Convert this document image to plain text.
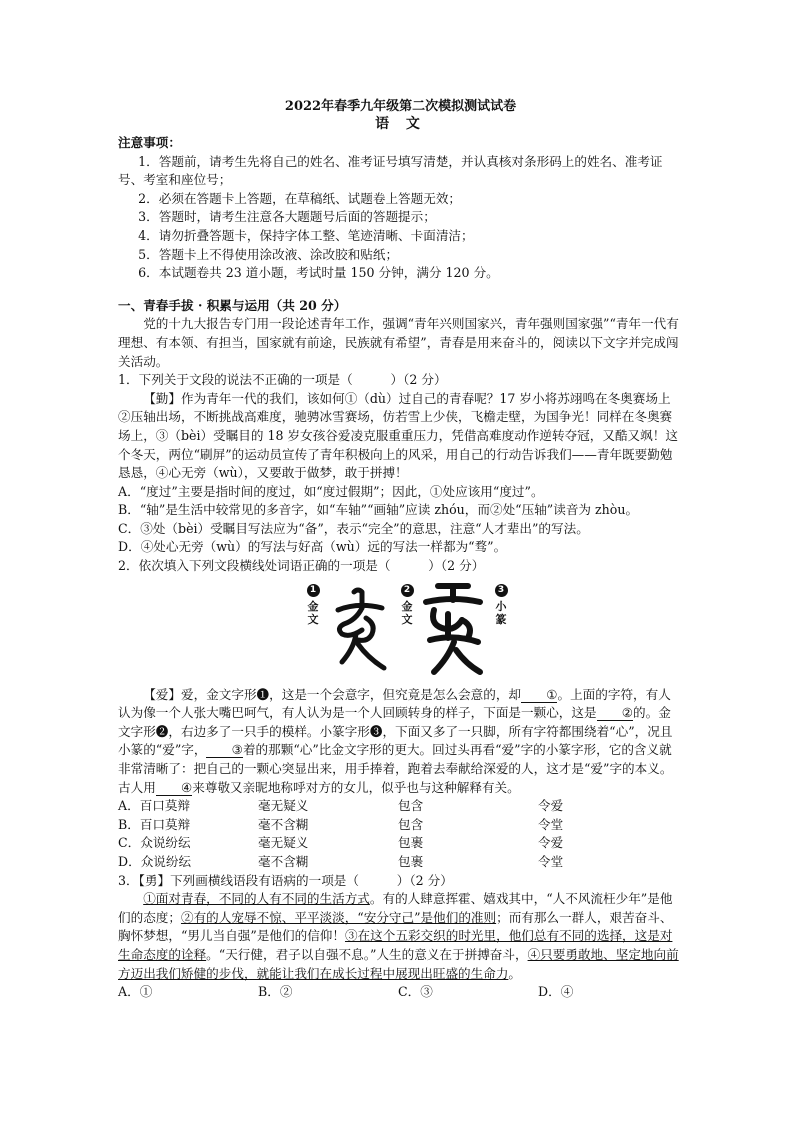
2022年春季九年级第二次模拟测试试卷
语 文
注意事项：

1．答题前，请考生先将自己的姓名、准考证号填写清楚，并认真核对条形码上的姓名、准考证号、考室和座位号；

2．必须在答题卡上答题，在草稿纸、试题卷上答题无效；

3．答题时，请考生注意各大题题号后面的答题提示；

4．请勿折叠答题卡，保持字体工整、笔迹清晰、卡面清洁；

5．答题卡上不得使用涂改液、涂改胶和贴纸；

6．本试题卷共 23 道小题，考试时量 150 分钟，满分 120 分。

一、青春手拔 · 积累与运用（共 20 分）

党的十九大报告专门用一段论述青年工作，强调“青年兴则国家兴，青年强则国家强”“青年一代有理想、有本领、有担当，国家就有前途，民族就有希望”，青春是用来奋斗的，阅读以下文字并完成闯关活动。

1．下列关于文段的说法不正确的一项是（　　　）（2 分）

【勤】作为青年一代的我们，该如何①（dù）过自己的青春呢？17 岁小将苏翊鸣在冬奥赛场上②压轴出场，不断挑战高难度，驰骋冰雪赛场，仿若雪上少侠，飞檐走壁，为国争光！同样在冬奥赛场上，③（bèi）受瞩目的 18 岁女孩谷爱凌克服重重压力，凭借高难度动作逆转夺冠，又酷又飒！这个冬天，两位“刷屏”的运动员宣传了青年积极向上的风采，用自己的行动告诉我们——青年既要勤勉恳恳，④心无旁（wù），又要敢于做梦，敢于拼搏！

A．“度过”主要是指时间的度过，如“度过假期”；因此，①处应该用“度过”。

B．“轴”是生活中较常见的多音字，如“车轴”“画轴”应读 zhóu，而②处“压轴”读音为 zhòu。

C．③处（bèi）受瞩目写法应为“备”，表示“完全”的意思，注意“人才辈出”的写法。

D．④处心无旁（wù）的写法与好高（wù）远的写法一样都为“骛”。

2．依次填入下列文段横线处词语正确的一项是（　　　）（2 分）

1
金
文
2
金
文
3
小
篆

【爱】爱，金文字形❶，这是一个会意字，但究竟是怎么会意的，却 ①。上面的字符，有人认为像一个人张大嘴巴呵气，有人认为是一个人回顾转身的样子，下面是一颗心，这是 ②的。金文字形❷，右边多了一只手的模样。小篆字形❸，下面又多了一只脚，所有字符都围绕着“心”，况且小篆的“爱”字， ③着的那颗“心”比金文字形的更大。回过头再看“爱”字的小篆字形，它的含义就非常清晰了：把自己的一颗心突显出来，用手捧着，跑着去奉献给深爱的人，这才是“爱”字的本义。古人用 ④来尊敬又亲昵地称呼对方的女儿，似乎也与这种解释有关。

A．百口莫辩	毫无疑义	包含	令爱
B．百口莫辩	毫不含糊	包含	令堂
C．众说纷纭	毫无疑义	包裹	令爱
D．众说纷纭	毫不含糊	包裹	令堂

3．【勇】下列画横线语段有语病的一项是（　　　）（2 分）

①面对青春，不同的人有不同的生活方式。有的人肆意挥霍、嬉戏其中，“人不风流枉少年”是他们的态度；②有的人宠辱不惊、平平淡淡，“安分守己”是他们的准则；而有那么一群人，艰苦奋斗、胸怀梦想，“男儿当自强”是他们的信仰！③在这个五彩交织的时光里，他们总有不同的选择，这是对生命态度的诠释。“天行健，君子以自强不息。”人生的意义在于拼搏奋斗，④只要勇敢地、坚定地向前方迈出我们矫健的步伐，就能让我们在成长过程中展现出旺盛的生命力。

A．①	B．②	C．③	D．④
